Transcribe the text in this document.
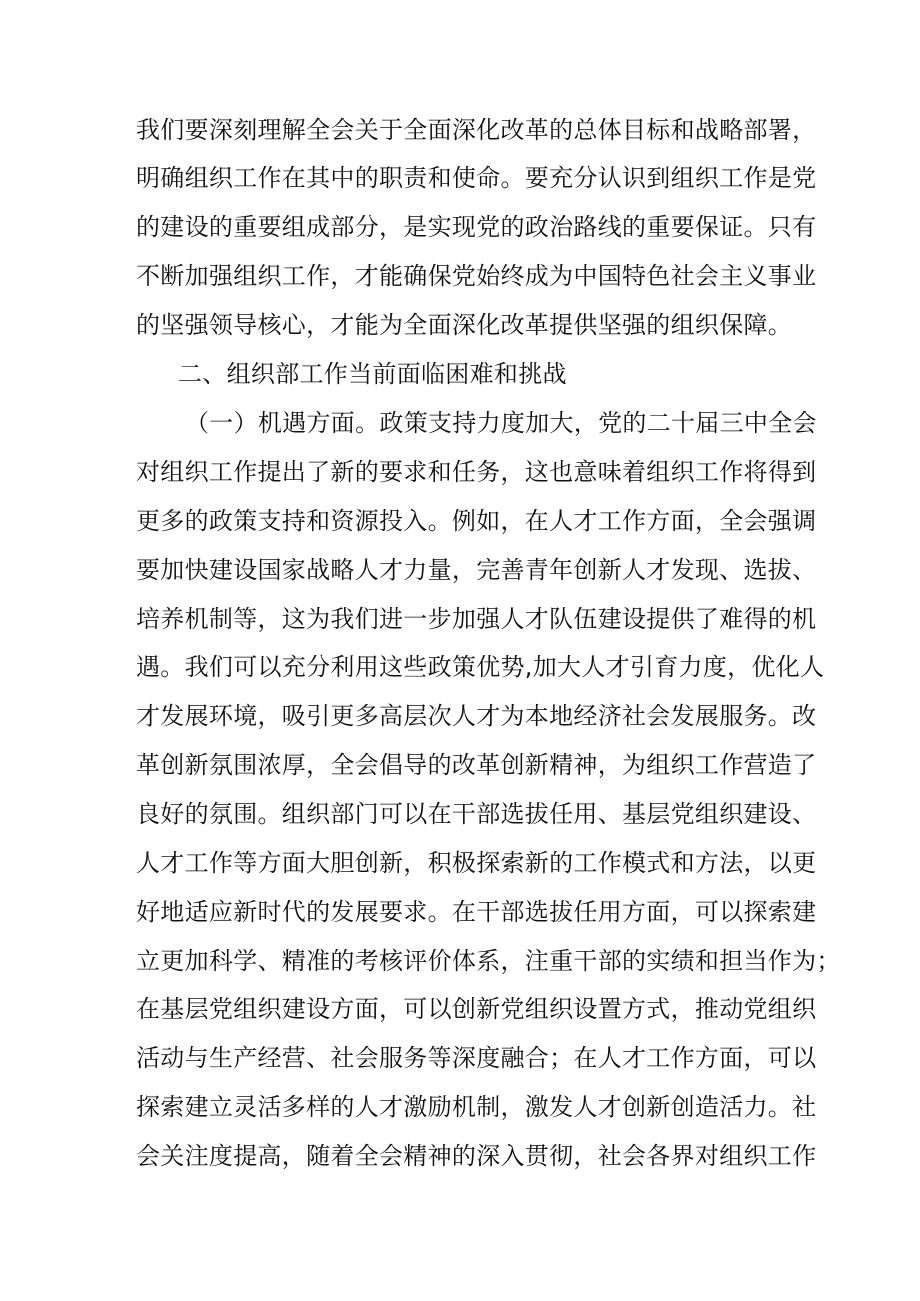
我们要深刻理解全会关于全面深化改革的总体目标和战略部署，
明确组织工作在其中的职责和使命。要充分认识到组织工作是党
的建设的重要组成部分，是实现党的政治路线的重要保证。只有
不断加强组织工作，才能确保党始终成为中国特色社会主义事业
的坚强领导核心，才能为全面深化改革提供坚强的组织保障。
二、组织部工作当前面临困难和挑战
（一）机遇方面。政策支持力度加大，党的二十届三中全会
对组织工作提出了新的要求和任务，这也意味着组织工作将得到
更多的政策支持和资源投入。例如，在人才工作方面，全会强调
要加快建设国家战略人才力量，完善青年创新人才发现、选拔、
培养机制等，这为我们进一步加强人才队伍建设提供了难得的机
遇。我们可以充分利用这些政策优势,加大人才引育力度，优化人
才发展环境，吸引更多高层次人才为本地经济社会发展服务。改
革创新氛围浓厚，全会倡导的改革创新精神，为组织工作营造了
良好的氛围。组织部门可以在干部选拔任用、基层党组织建设、
人才工作等方面大胆创新，积极探索新的工作模式和方法，以更
好地适应新时代的发展要求。在干部选拔任用方面，可以探索建
立更加科学、精准的考核评价体系，注重干部的实绩和担当作为；
在基层党组织建设方面，可以创新党组织设置方式，推动党组织
活动与生产经营、社会服务等深度融合；在人才工作方面，可以
探索建立灵活多样的人才激励机制，激发人才创新创造活力。社
会关注度提高，随着全会精神的深入贯彻，社会各界对组织工作
